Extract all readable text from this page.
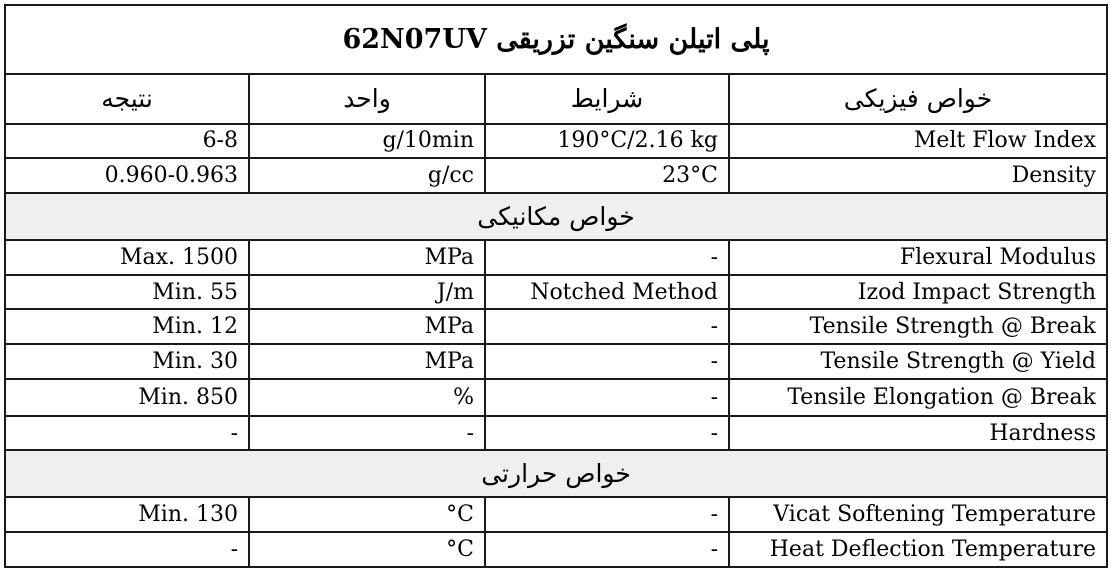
پلی اتیلن سنگین تزریقی 62N07UV			
نتیجه	واحد	شرایط	خواص فیزیکی
6-8	g/10min	190°C/2.16 kg	Melt Flow Index
0.960-0.963	g/cc	23°C	Density
خواص مکانیکی			
Max. 1500	MPa	-	Flexural Modulus
Min. 55	J/m	Notched Method	Izod Impact Strength
Min. 12	MPa	-	Tensile Strength @ Break
Min. 30	MPa	-	Tensile Strength @ Yield
Min. 850	%	-	Tensile Elongation @ Break
-	-	-	Hardness
خواص حرارتی			
Min. 130	°C	-	Vicat Softening Temperature
-	°C	-	Heat Deflection Temperature
